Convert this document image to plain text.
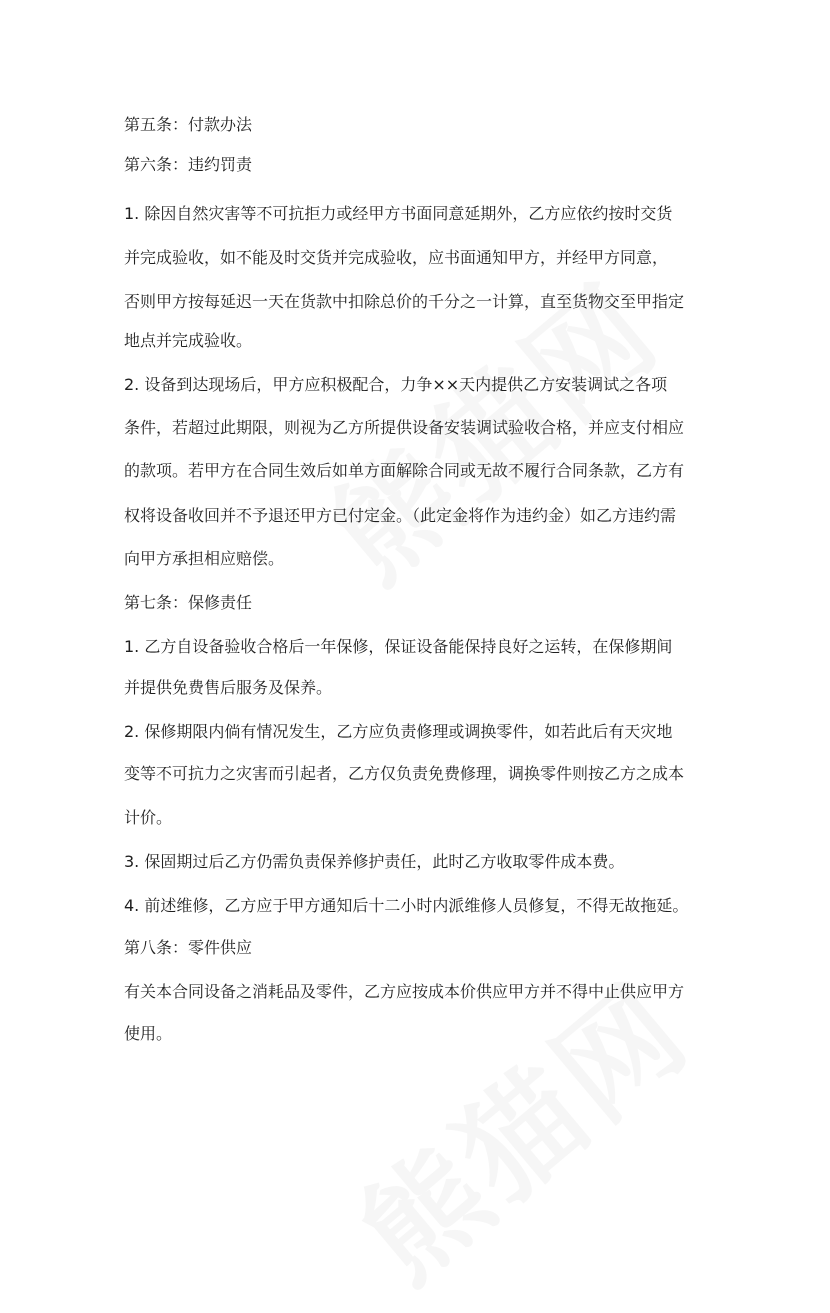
第五条：付款办法

第六条：违约罚责

1. 除因自然灾害等不可抗拒力或经甲方书面同意延期外，乙方应依约按时交货

并完成验收，如不能及时交货并完成验收，应书面通知甲方，并经甲方同意，

否则甲方按每延迟一天在货款中扣除总价的千分之一计算，直至货物交至甲指定

地点并完成验收。

2. 设备到达现场后，甲方应积极配合，力争××天内提供乙方安装调试之各项

条件，若超过此期限，则视为乙方所提供设备安装调试验收合格，并应支付相应

的款项。若甲方在合同生效后如单方面解除合同或无故不履行合同条款，乙方有

权将设备收回并不予退还甲方已付定金。（此定金将作为违约金）如乙方违约需

向甲方承担相应赔偿。

第七条：保修责任

1. 乙方自设备验收合格后一年保修，保证设备能保持良好之运转，在保修期间

并提供免费售后服务及保养。

2. 保修期限内倘有情况发生，乙方应负责修理或调换零件，如若此后有天灾地

变等不可抗力之灾害而引起者，乙方仅负责免费修理，调换零件则按乙方之成本

计价。

3. 保固期过后乙方仍需负责保养修护责任，此时乙方收取零件成本费。

4. 前述维修，乙方应于甲方通知后十二小时内派维修人员修复，不得无故拖延。

第八条：零件供应

有关本合同设备之消耗品及零件，乙方应按成本价供应甲方并不得中止供应甲方

使用。
